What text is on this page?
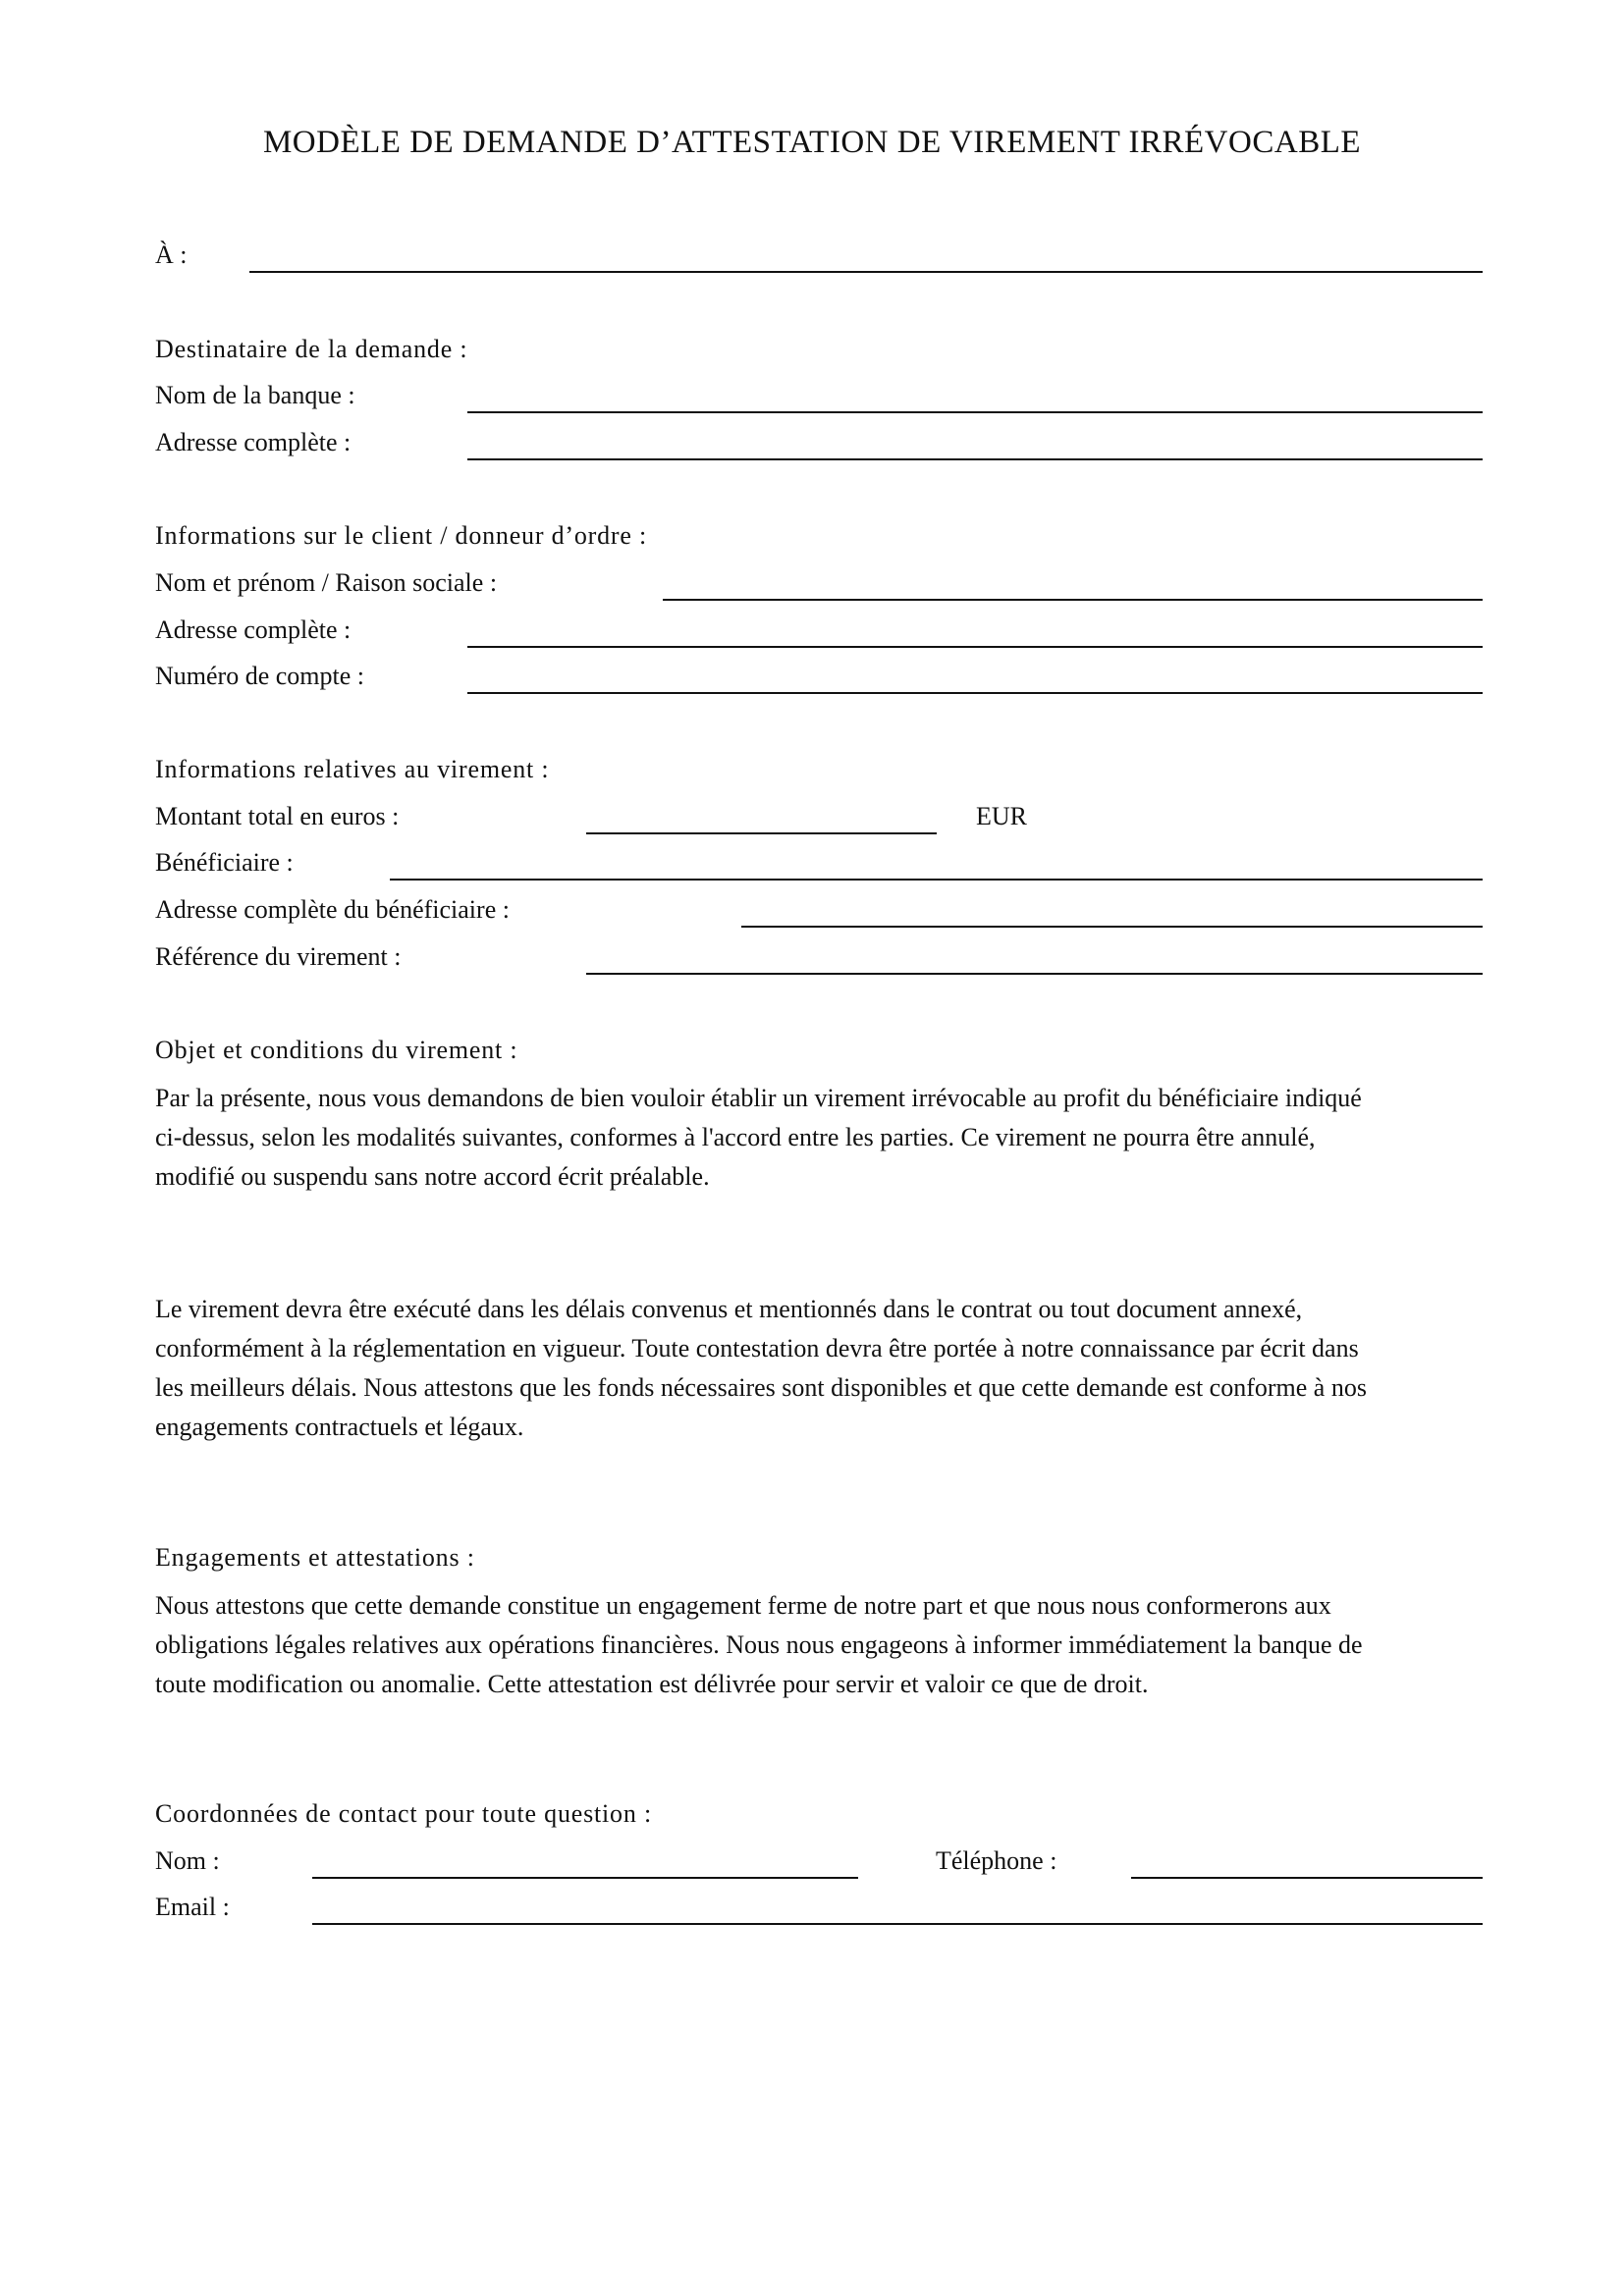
MODÈLE DE DEMANDE D’ATTESTATION DE VIREMENT IRRÉVOCABLE
À :
Destinataire de la demande :
Nom de la banque :
Adresse complète :
Informations sur le client / donneur d’ordre :
Nom et prénom / Raison sociale :
Adresse complète :
Numéro de compte :
Informations relatives au virement :
Montant total en euros :	EUR
Bénéficiaire :
Adresse complète du bénéficiaire :
Référence du virement :
Objet et conditions du virement :
Par la présente, nous vous demandons de bien vouloir établir un virement irrévocable au profit du bénéficiaire indiqué
ci-dessus, selon les modalités suivantes, conformes à l'accord entre les parties. Ce virement ne pourra être annulé,
modifié ou suspendu sans notre accord écrit préalable.
Le virement devra être exécuté dans les délais convenus et mentionnés dans le contrat ou tout document annexé,
conformément à la réglementation en vigueur. Toute contestation devra être portée à notre connaissance par écrit dans
les meilleurs délais. Nous attestons que les fonds nécessaires sont disponibles et que cette demande est conforme à nos
engagements contractuels et légaux.
Engagements et attestations :
Nous attestons que cette demande constitue un engagement ferme de notre part et que nous nous conformerons aux
obligations légales relatives aux opérations financières. Nous nous engageons à informer immédiatement la banque de
toute modification ou anomalie. Cette attestation est délivrée pour servir et valoir ce que de droit.
Coordonnées de contact pour toute question :
Nom :	Téléphone :
Email :
